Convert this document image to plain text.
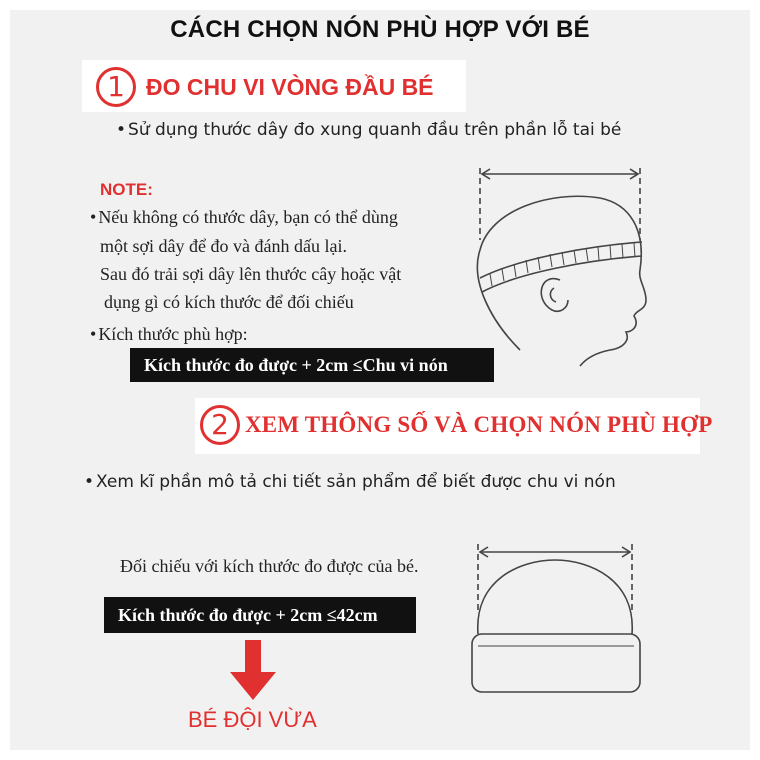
CÁCH CHỌN NÓN PHÙ HỢP VỚI BÉ
1 ĐO CHU VI VÒNG ĐẦU BÉ
• Sử dụng thước dây đo xung quanh đầu trên phần lỗ tai bé
NOTE:
• Nếu không có thước dây, bạn có thể dùng
một sợi dây để đo và đánh dấu lại.
Sau đó trải sợi dây lên thước cây hoặc vật
dụng gì có kích thước để đối chiếu
• Kích thước phù hợp:
Kích thước đo được + 2cm ≤Chu vi nón
2 XEM THÔNG SỐ VÀ CHỌN NÓN PHÙ HỢP
• Xem kĩ phần mô tả chi tiết sản phẩm để biết được chu vi nón
Đối chiếu với kích thước đo được của bé.
Kích thước đo được + 2cm ≤42cm
BÉ ĐỘI VỪA
